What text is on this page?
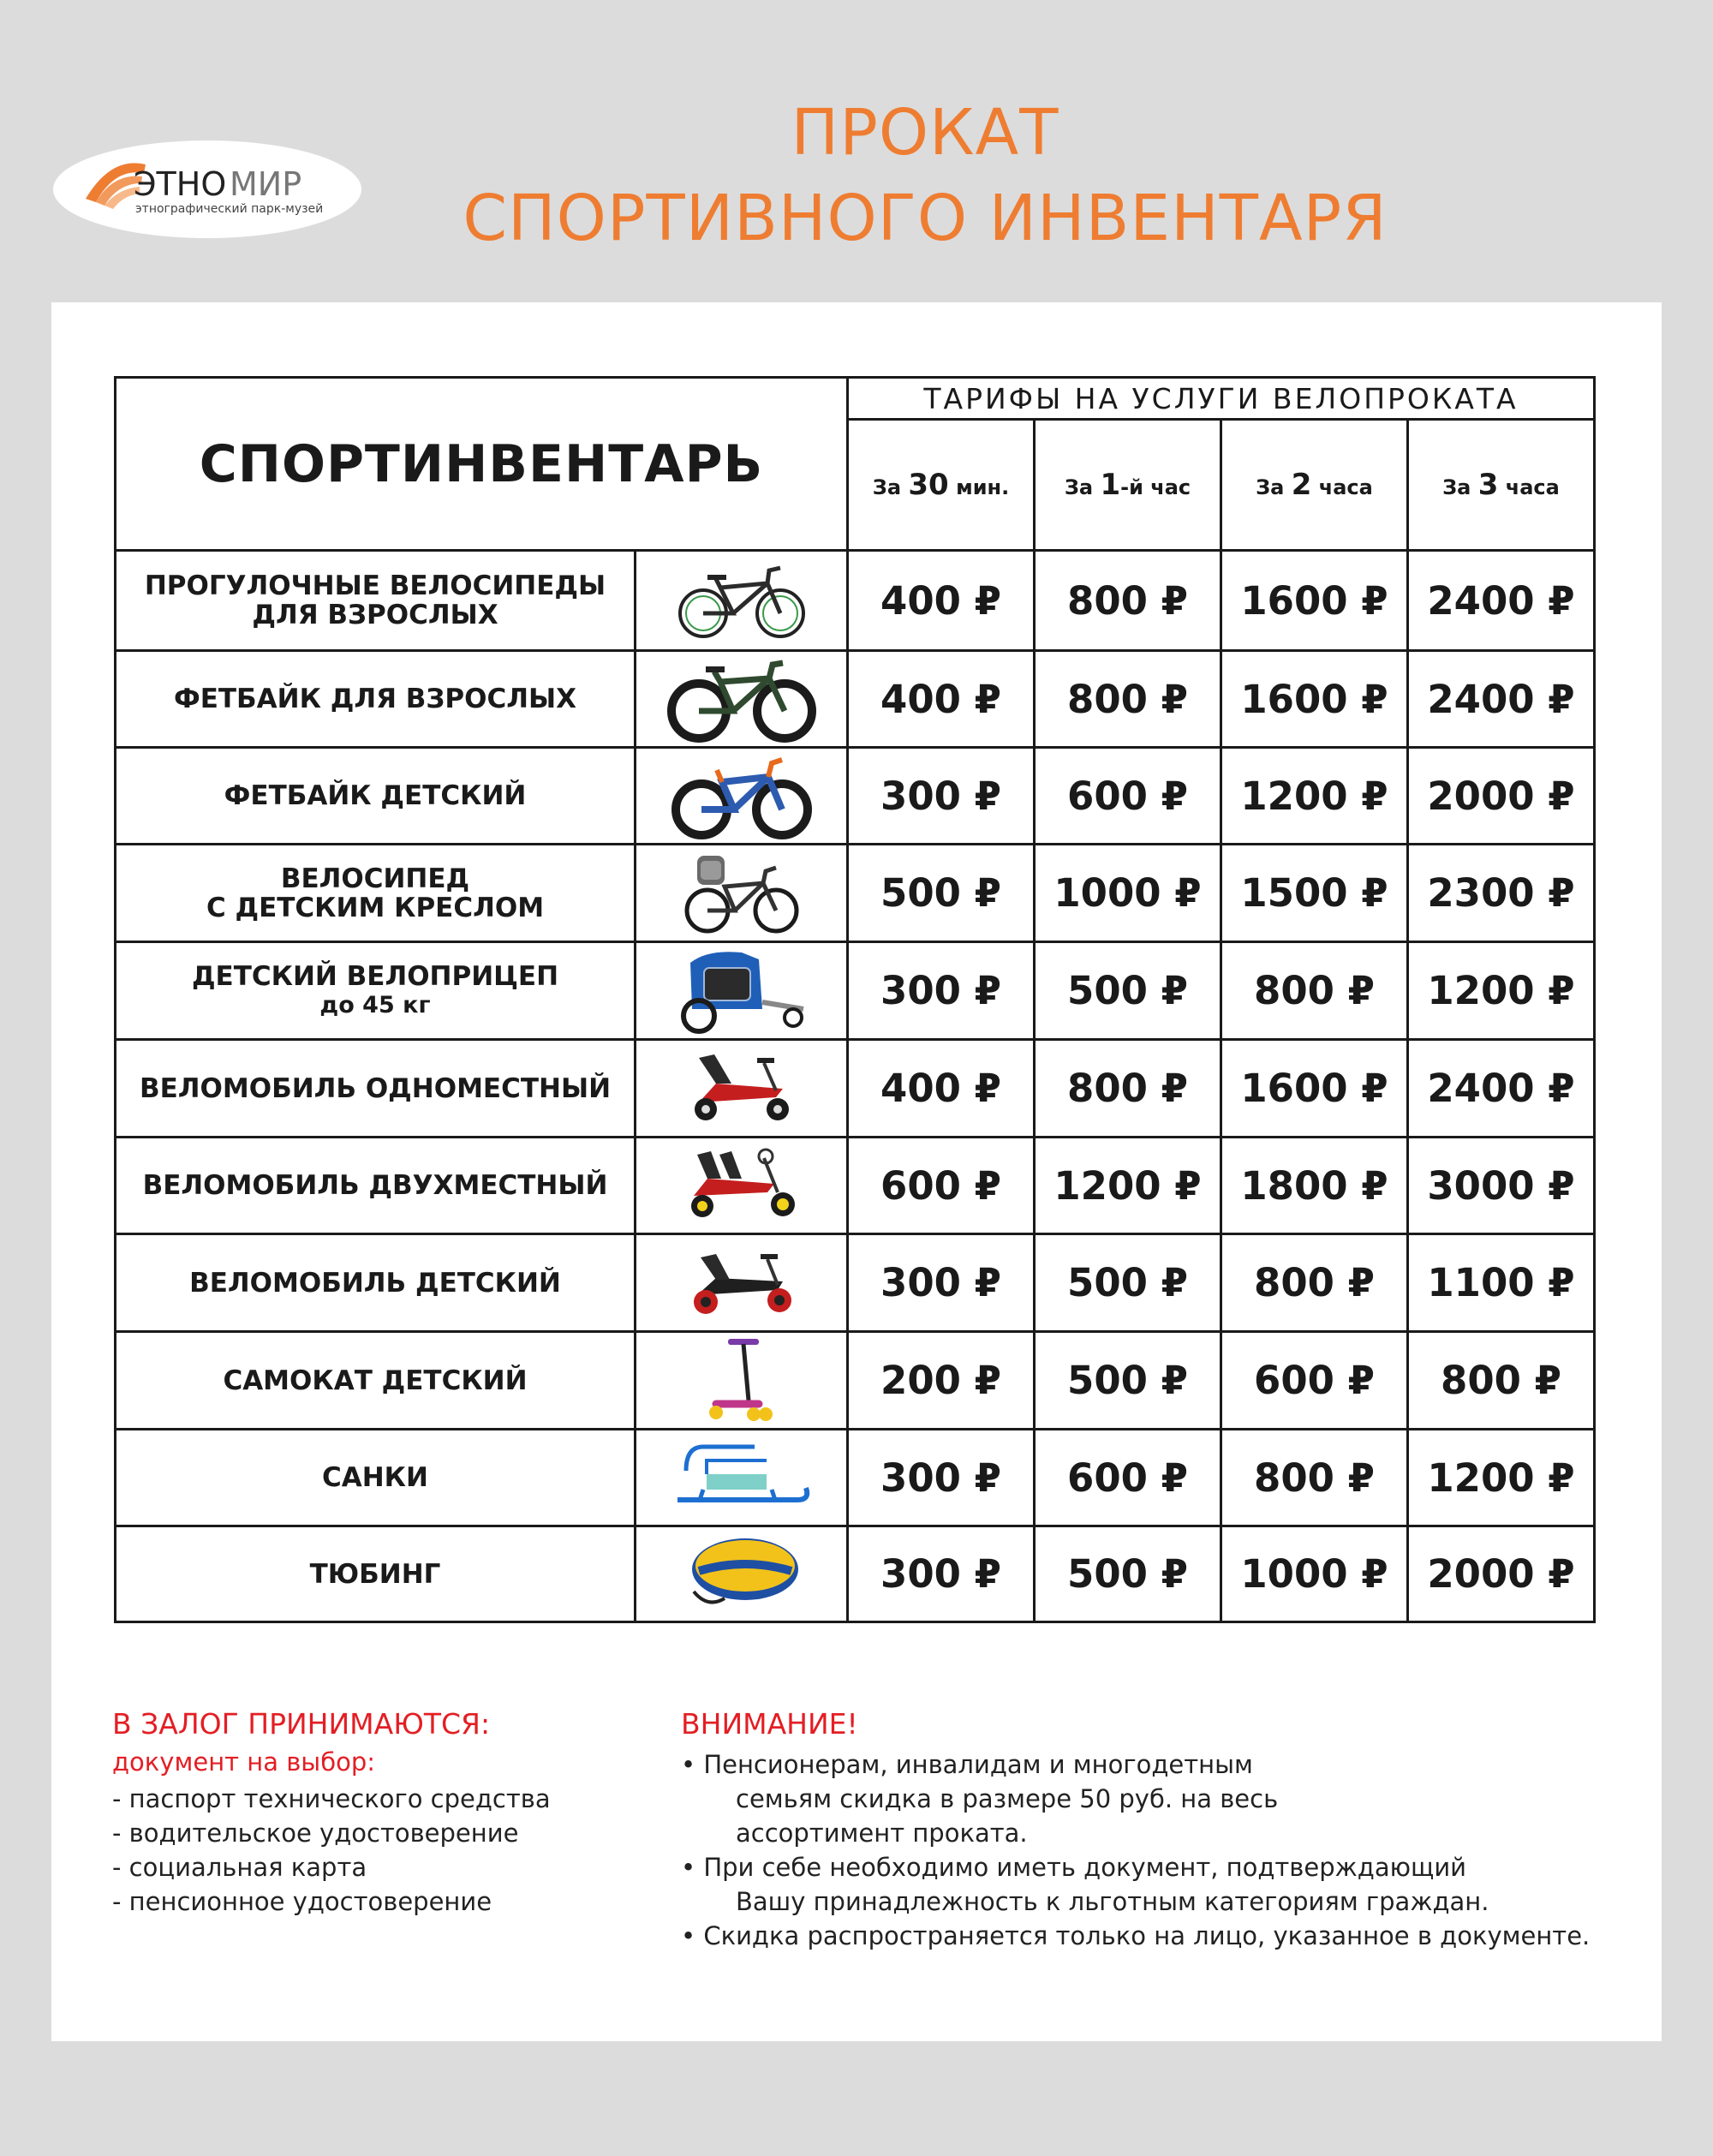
ЭТНО МИР
этнографический парк-музей
ПРОКАТ
СПОРТИВНОГО ИНВЕНТАРЯ
СПОРТИНВЕНТАРЬ		ТАРИФЫ НА УСЛУГИ ВЕЛОПРОКАТА			
		За 30 мин.	За 1-й час	За 2 часа	За 3 часа

ПРОГУЛОЧНЫЕ ВЕЛОСИПЕДЫ
ДЛЯ ВЗРОСЛЫХ		400 ₽	800 ₽	1600 ₽	2400 ₽

ФЕТБАЙК ДЛЯ ВЗРОСЛЫХ		400 ₽	800 ₽	1600 ₽	2400 ₽

ФЕТБАЙК ДЕТСКИЙ		300 ₽	600 ₽	1200 ₽	2000 ₽

ВЕЛОСИПЕД
С ДЕТСКИМ КРЕСЛОМ		500 ₽	1000 ₽	1500 ₽	2300 ₽

ДЕТСКИЙ ВЕЛОПРИЦЕП
до 45 кг		300 ₽	500 ₽	800 ₽	1200 ₽

ВЕЛОМОБИЛЬ ОДНОМЕСТНЫЙ		400 ₽	800 ₽	1600 ₽	2400 ₽

ВЕЛОМОБИЛЬ ДВУХМЕСТНЫЙ		600 ₽	1200 ₽	1800 ₽	3000 ₽

ВЕЛОМОБИЛЬ ДЕТСКИЙ		300 ₽	500 ₽	800 ₽	1100 ₽

САМОКАТ ДЕТСКИЙ		200 ₽	500 ₽	600 ₽	800 ₽

САНКИ		300 ₽	600 ₽	800 ₽	1200 ₽

ТЮБИНГ		300 ₽	500 ₽	1000 ₽	2000 ₽
В ЗАЛОГ ПРИНИМАЮТСЯ:

документ на выбор:

- паспорт технического средства

- водительское удостоверение

- социальная карта

- пенсионное удостоверение

ВНИМАНИЕ!

• Пенсионерам, инвалидам и многодетным
семьям скидка в размере 50 руб. на весь
ассортимент проката.

• При себе необходимо иметь документ, подтверждающий
Вашу принадлежность к льготным категориям граждан.

• Скидка распространяется только на лицо, указанное в документе.
